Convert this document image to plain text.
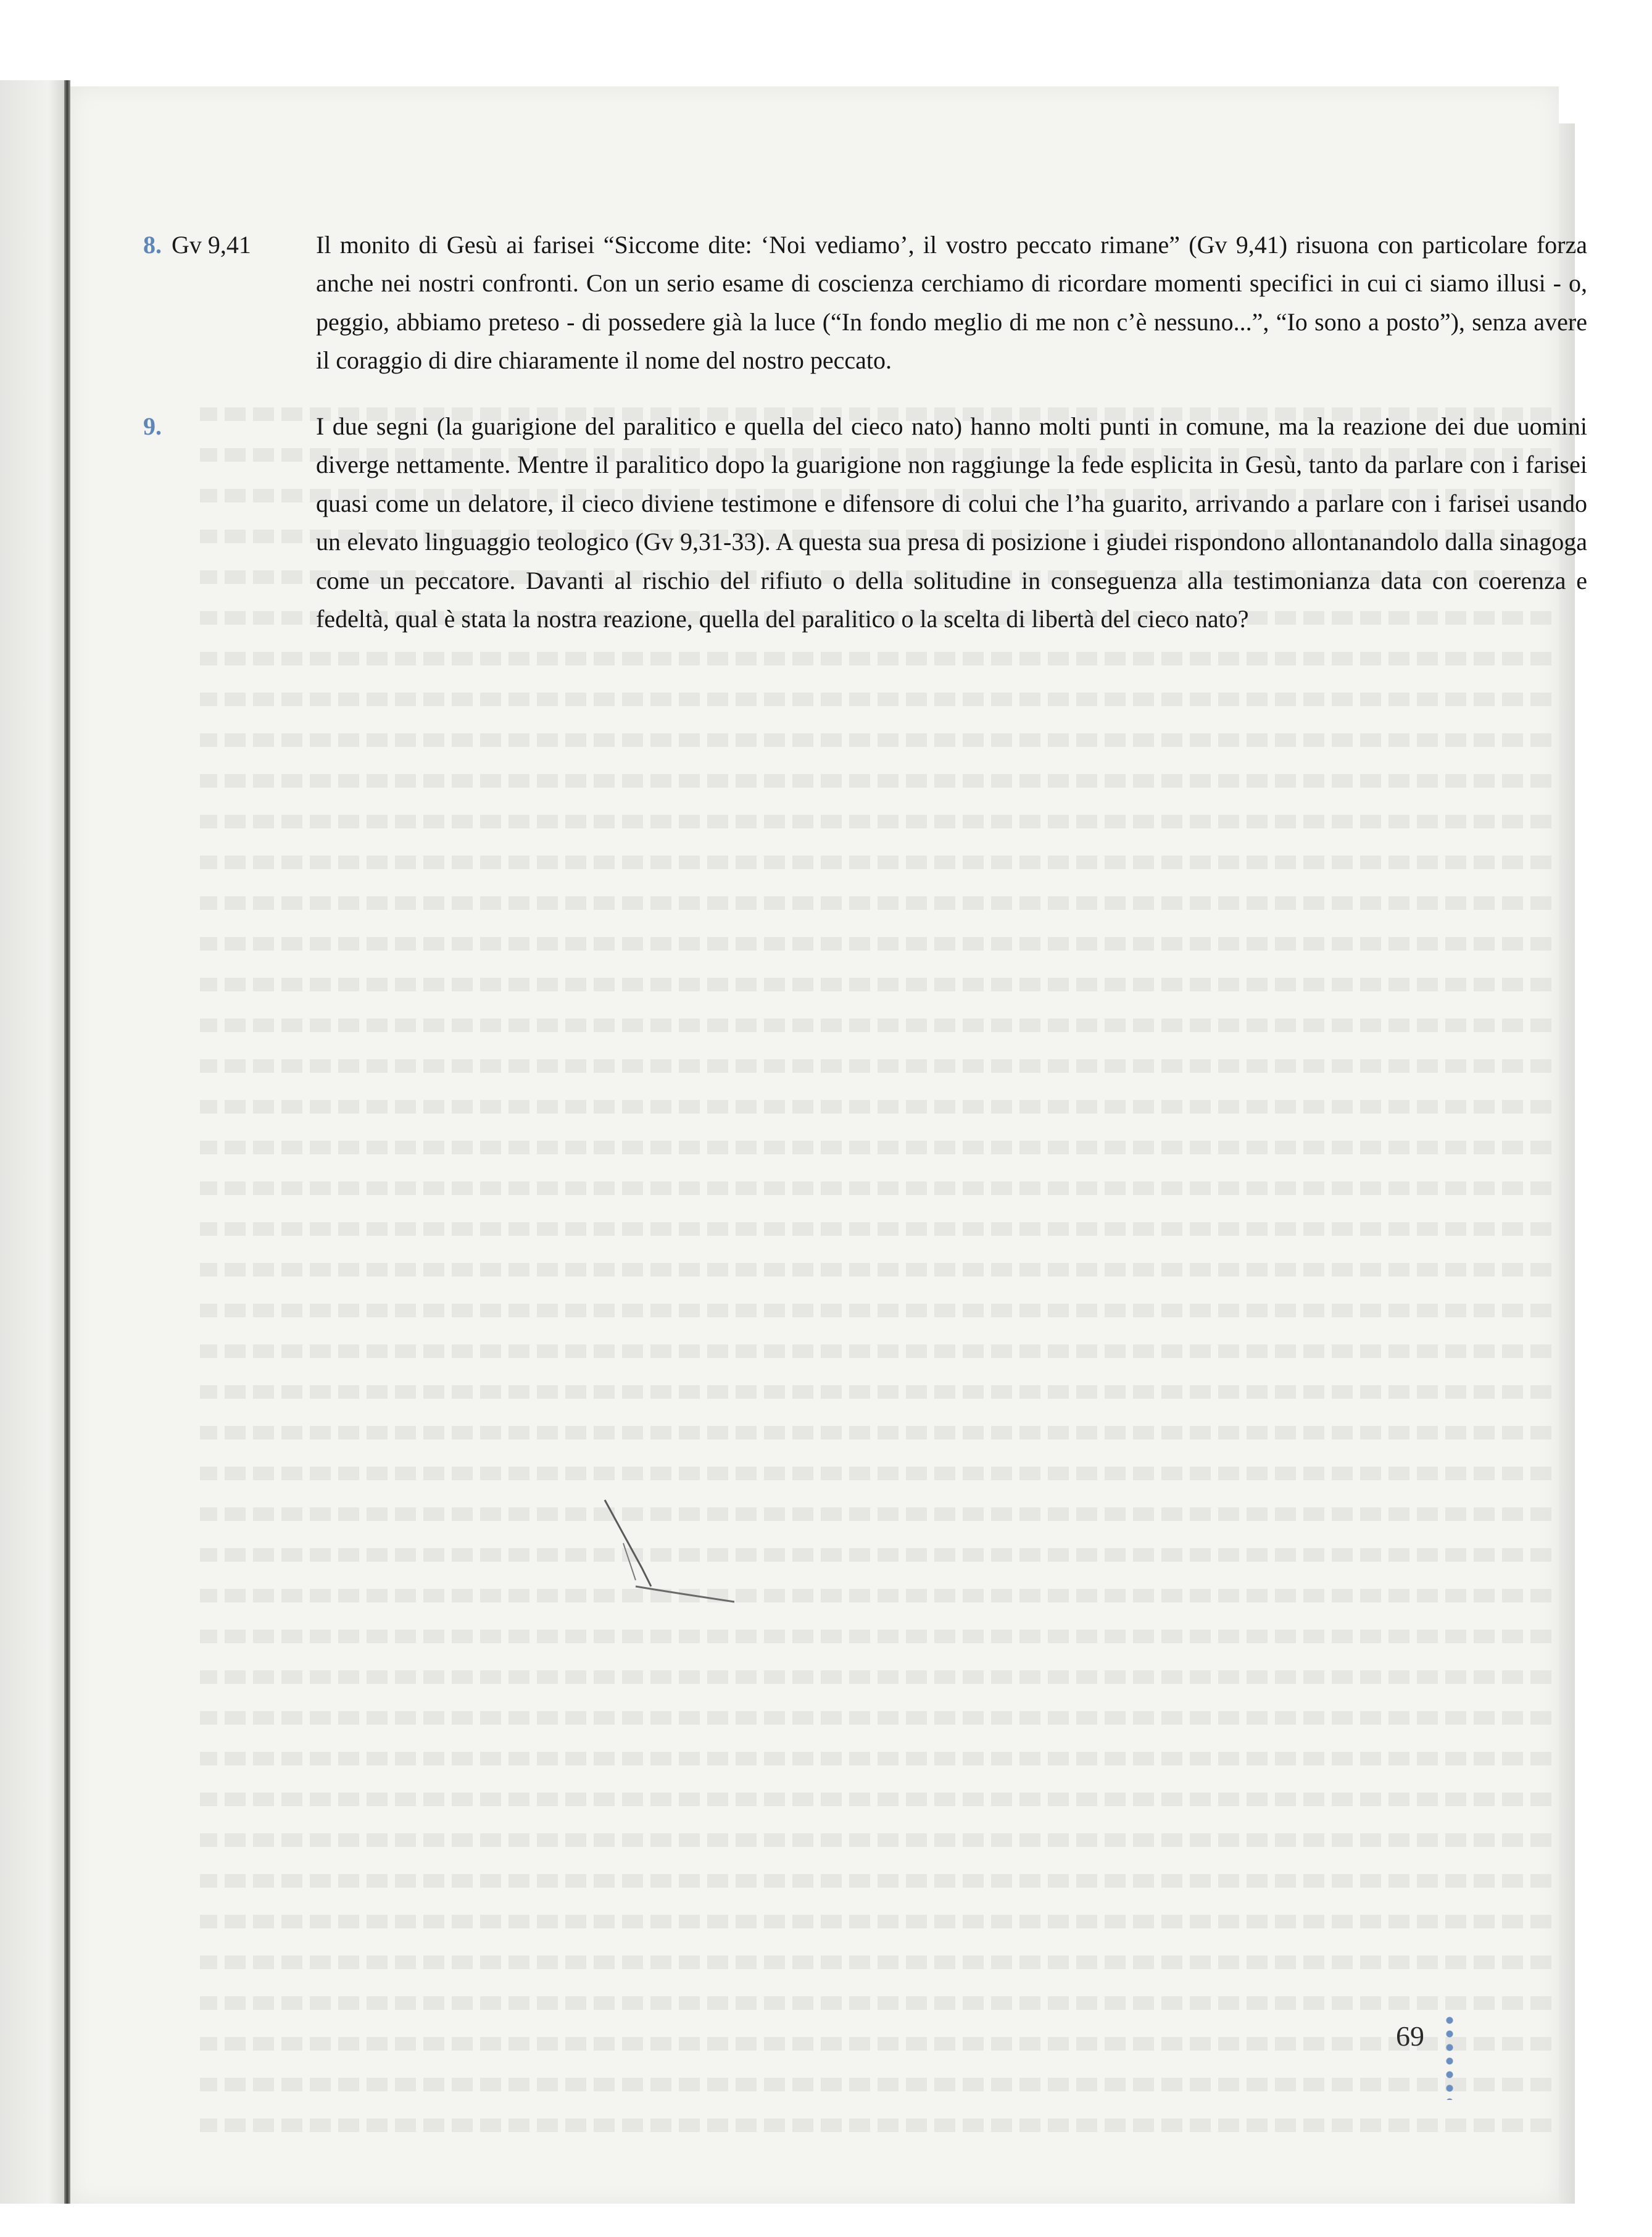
8. Gv 9,41	Il monito di Gesù ai farisei “Siccome dite: ‘Noi vediamo’, il vostro peccato rimane” (Gv 9,41) risuona con particolare forza anche nei nostri confronti. Con un serio esame di coscienza cerchiamo di ricordare momenti specifici in cui ci siamo illusi - o, peggio, abbiamo preteso - di possedere già la luce (“In fondo meglio di me non c’è nessuno...”, “Io sono a posto”), senza avere il coraggio di dire chiaramente il nome del nostro peccato.

9.	I due segni (la guarigione del paralitico e quella del cieco nato) hanno molti punti in comune, ma la reazione dei due uomini diverge nettamente. Mentre il paralitico dopo la guarigione non raggiunge la fede esplicita in Gesù, tanto da parlare con i farisei quasi come un delatore, il cieco diviene testimone e difensore di colui che l’ha guarito, arrivando a parlare con i farisei usando un elevato linguaggio teologico (Gv 9,31-33). A questa sua presa di posizione i giudei rispondono allontanandolo dalla sinagoga come un peccatore. Davanti al rischio del rifiuto o della solitudine in conseguenza alla testimonianza data con coerenza e fedeltà, qual è stata la nostra reazione, quella del paralitico o la scelta di libertà del cieco nato?

69
